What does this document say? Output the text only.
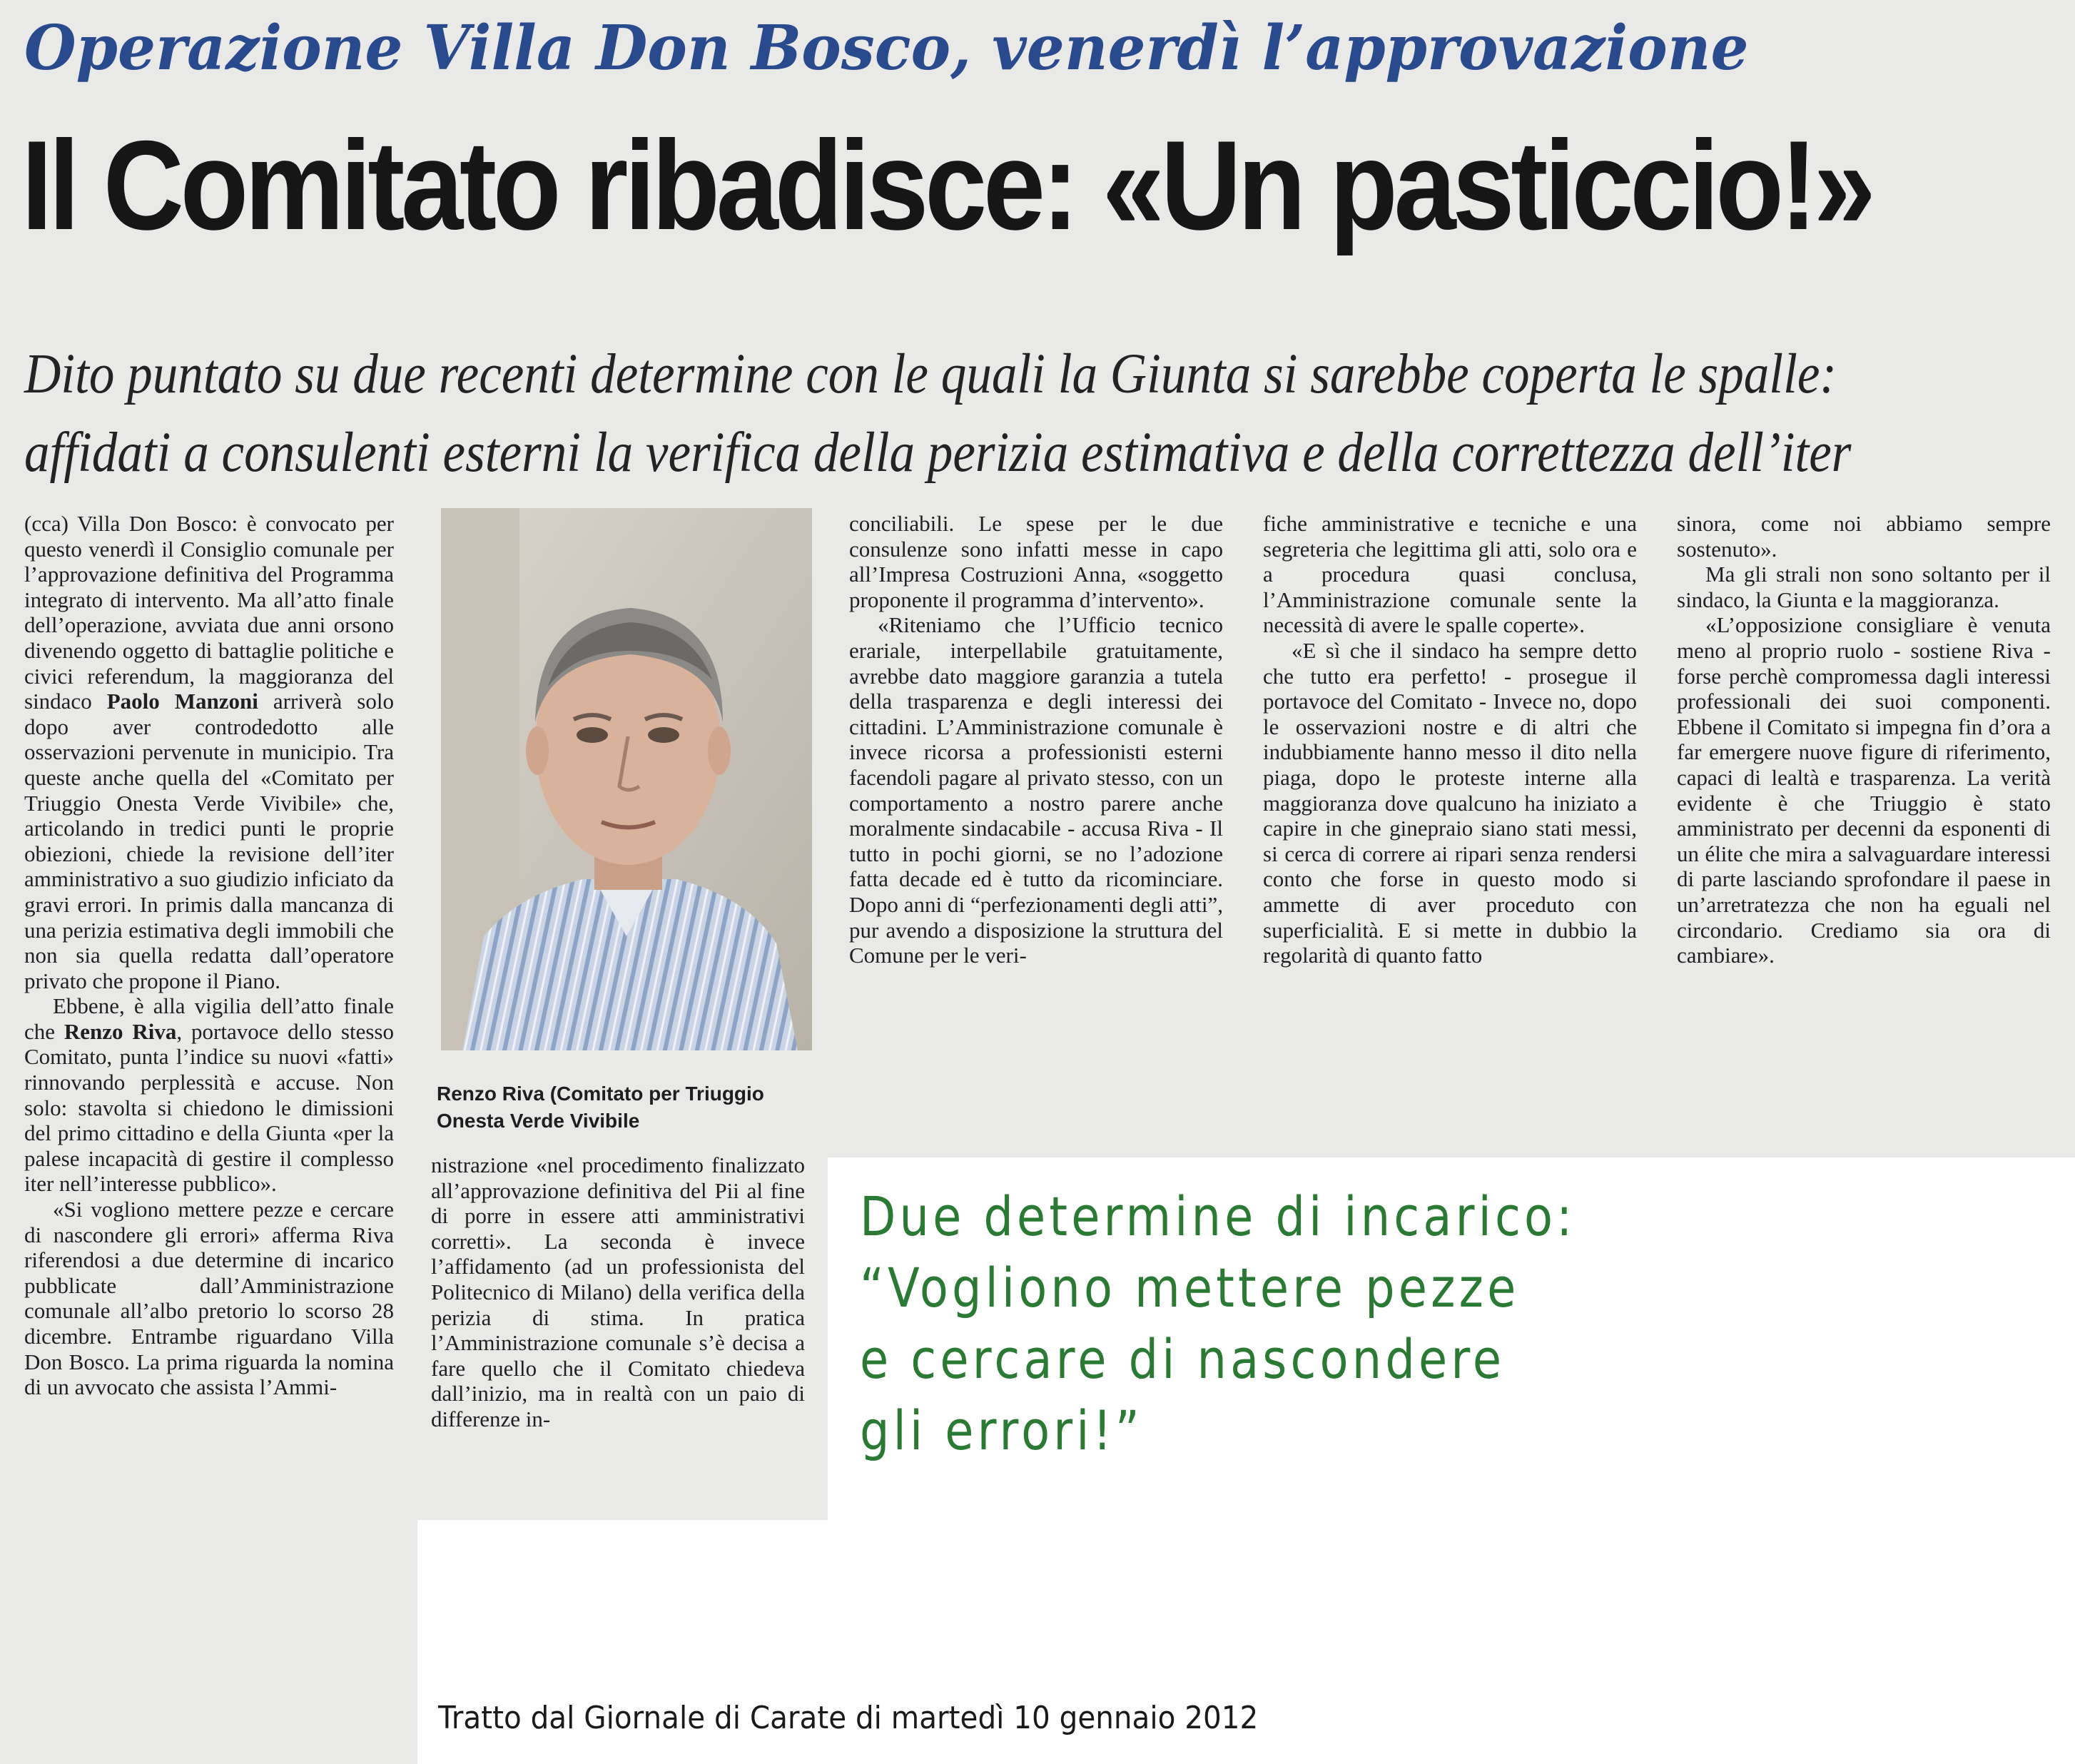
Operazione Villa Don Bosco, venerdì l’approvazione
Il Comitato ribadisce: «Un pasticcio!»

Dito puntato su due recenti determine con le quali la Giunta si sarebbe coperta le spalle:

affidati a consulenti esterni la verifica della perizia estimativa e della correttezza dell’iter

(cca) Villa Don Bosco: è convocato per questo venerdì il Consiglio comunale per l’approvazione definitiva del Programma integrato di intervento. Ma all’atto finale dell’operazione, avviata due anni orsono divenendo oggetto di battaglie politiche e civici referendum, la maggioranza del sindaco Paolo Manzoni arriverà solo dopo aver controdedotto alle osservazioni pervenute in municipio. Tra queste anche quella del «Comitato per Triuggio Onesta Verde Vivibile» che, articolando in tredici punti le proprie obiezioni, chiede la revisione dell’iter amministrativo a suo giudizio inficiato da gravi errori. In primis dalla mancanza di una perizia estimativa degli immobili che non sia quella redatta dall’operatore privato che propone il Piano.

Ebbene, è alla vigilia dell’atto finale che Renzo Riva, portavoce dello stesso Comitato, punta l’indice su nuovi «fatti» rinnovando perplessità e accuse. Non solo: stavolta si chiedono le dimissioni del primo cittadino e della Giunta «per la palese incapacità di gestire il complesso iter nell’interesse pubblico».

«Si vogliono mettere pezze e cercare di nascondere gli errori» afferma Riva riferendosi a due determine di incarico pubblicate dall’Amministrazione comunale all’albo pretorio lo scorso 28 dicembre. Entrambe riguardano Villa Don Bosco. La prima riguarda la nomina di un avvocato che assista l’Ammi-

Renzo Riva (Comitato per Triuggio Onesta Verde Vivibile

nistrazione «nel procedimento finalizzato all’approvazione definitiva del Pii al fine di porre in essere atti amministrativi corretti». La seconda è invece l’affidamento (ad un professionista del Politecnico di Milano) della verifica della perizia di stima. In pratica l’Amministrazione comunale s’è decisa a fare quello che il Comitato chiedeva dall’inizio, ma in realtà con un paio di differenze in-

conciliabili. Le spese per le due consulenze sono infatti messe in capo all’Impresa Costruzioni Anna, «soggetto proponente il programma d’intervento».

«Riteniamo che l’Ufficio tecnico erariale, interpellabile gratuitamente, avrebbe dato maggiore garanzia a tutela della trasparenza e degli interessi dei cittadini. L’Amministrazione comunale è invece ricorsa a professionisti esterni facendoli pagare al privato stesso, con un comportamento a nostro parere anche moralmente sindacabile - accusa Riva - Il tutto in pochi giorni, se no l’adozione fatta decade ed è tutto da ricominciare. Dopo anni di “perfezionamenti degli atti”, pur avendo a disposizione la struttura del Comune per le veri-

fiche amministrative e tecniche e una segreteria che legittima gli atti, solo ora e a procedura quasi conclusa, l’Amministrazione comunale sente la necessità di avere le spalle coperte».

«E sì che il sindaco ha sempre detto che tutto era perfetto! - prosegue il portavoce del Comitato - Invece no, dopo le osservazioni nostre e di altri che indubbiamente hanno messo il dito nella piaga, dopo le proteste interne alla maggioranza dove qualcuno ha iniziato a capire in che ginepraio siano stati messi, si cerca di correre ai ripari senza rendersi conto che forse in questo modo si ammette di aver proceduto con superficialità. E si mette in dubbio la regolarità di quanto fatto

sinora, come noi abbiamo sempre sostenuto».

Ma gli strali non sono soltanto per il sindaco, la Giunta e la maggioranza.

«L’opposizione consigliare è venuta meno al proprio ruolo - sostiene Riva - forse perchè compromessa dagli interessi professionali dei suoi componenti. Ebbene il Comitato si impegna fin d’ora a far emergere nuove figure di riferimento, capaci di lealtà e trasparenza. La verità evidente è che Triuggio è stato amministrato per decenni da esponenti di un élite che mira a salvaguardare interessi di parte lasciando sprofondare il paese in un’arretratezza che non ha eguali nel circondario. Crediamo sia ora di cambiare».

Due determine di incarico:
“Vogliono mettere pezze
e cercare di nascondere
gli errori!”

Tratto dal Giornale di Carate di martedì 10 gennaio 2012
